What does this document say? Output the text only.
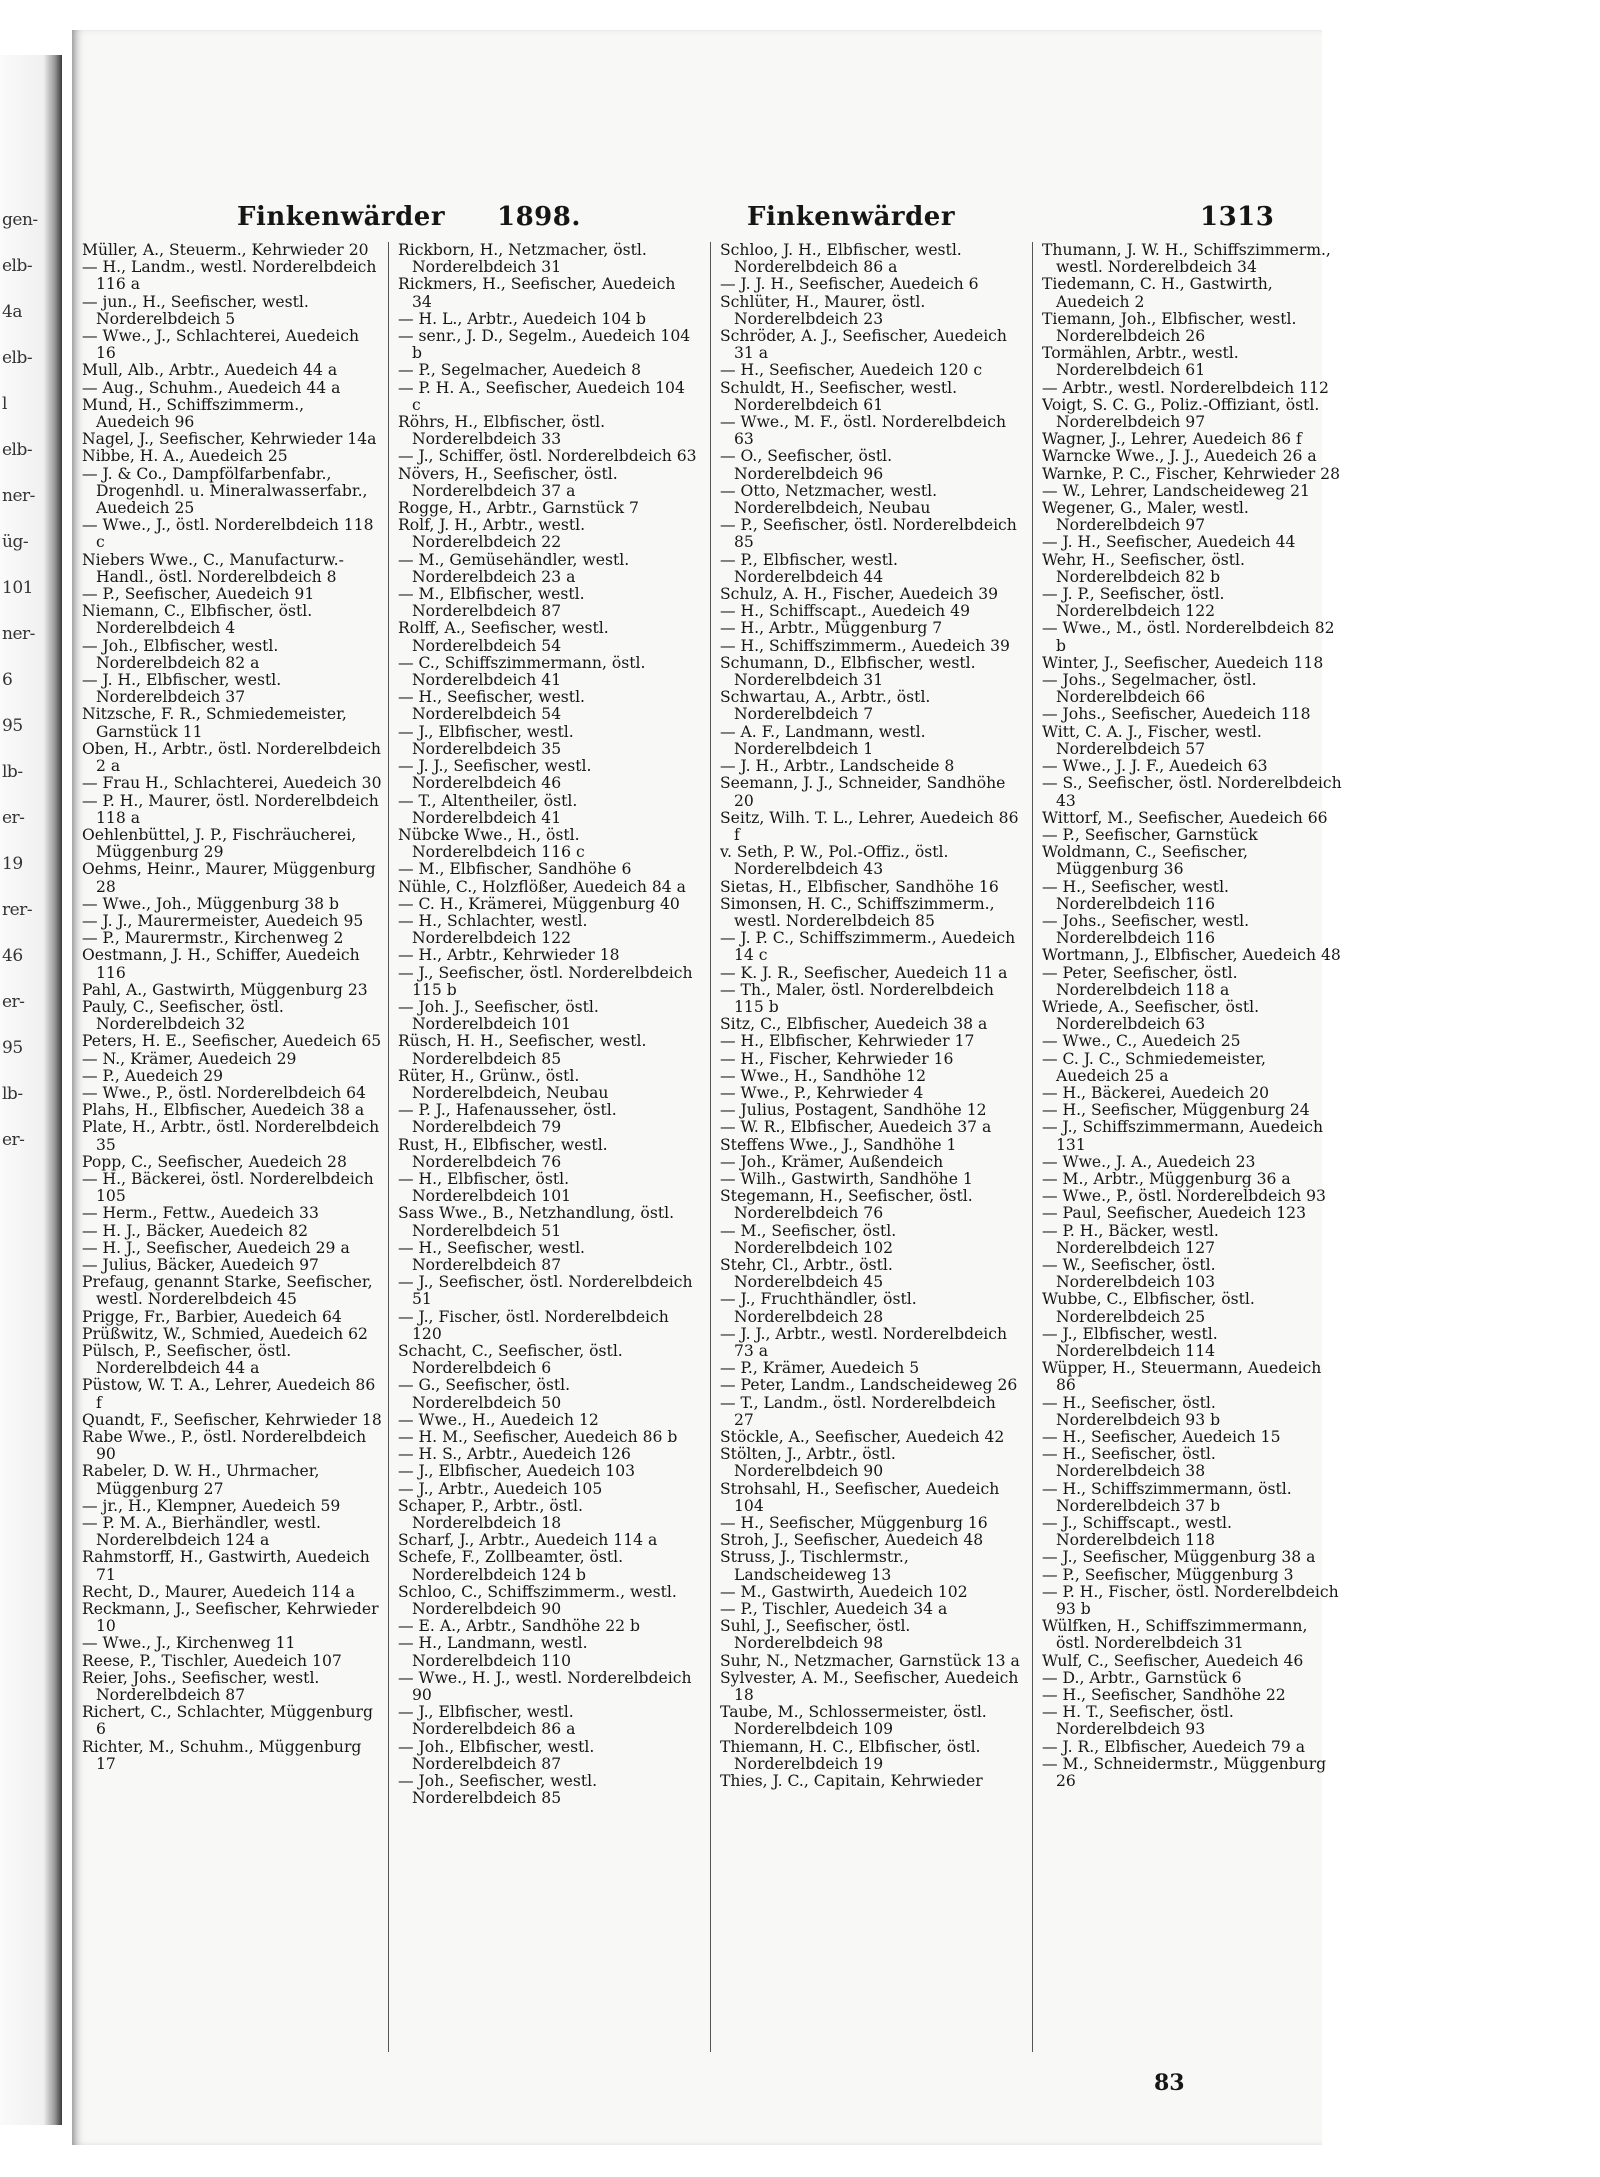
gen-
elb-
4a
elb-
l
elb-
ner-
üg-
101
ner-
6
95
lb-
er-
19
rer-
46
er-
95
lb-
er-
Finkenwärder 1898.	Finkenwärder	1313

Müller, A., Steuerm., Kehrwieder 20

— H., Landm., westl. Norderelbdeich 116 a

— jun., H., Seefischer, westl. Norderelbdeich 5

— Wwe., J., Schlachterei, Auedeich 16

Mull, Alb., Arbtr., Auedeich 44 a

— Aug., Schuhm., Auedeich 44 a

Mund, H., Schiffszimmerm., Auedeich 96

Nagel, J., Seefischer, Kehrwieder 14a

Nibbe, H. A., Auedeich 25

— J. & Co., Dampfölfarbenfabr., Drogenhdl. u. Mineralwasserfabr., Auedeich 25

— Wwe., J., östl. Norderelbdeich 118 c

Niebers Wwe., C., Manufacturw.-Handl., östl. Norderelbdeich 8

— P., Seefischer, Auedeich 91

Niemann, C., Elbfischer, östl. Norderelbdeich 4

— Joh., Elbfischer, westl. Norderelbdeich 82 a

— J. H., Elbfischer, westl. Norderelbdeich 37

Nitzsche, F. R., Schmiedemeister, Garnstück 11

Oben, H., Arbtr., östl. Norderelbdeich 2 a

— Frau H., Schlachterei, Auedeich 30

— P. H., Maurer, östl. Norderelbdeich 118 a

Oehlenbüttel, J. P., Fischräucherei, Müggenburg 29

Oehms, Heinr., Maurer, Müggenburg 28

— Wwe., Joh., Müggenburg 38 b

— J. J., Maurermeister, Auedeich 95

— P., Maurermstr., Kirchenweg 2

Oestmann, J. H., Schiffer, Auedeich 116

Pahl, A., Gastwirth, Müggenburg 23

Pauly, C., Seefischer, östl. Norderelbdeich 32

Peters, H. E., Seefischer, Auedeich 65

— N., Krämer, Auedeich 29

— P., Auedeich 29

— Wwe., P., östl. Norderelbdeich 64

Plahs, H., Elbfischer, Auedeich 38 a

Plate, H., Arbtr., östl. Norderelbdeich 35

Popp, C., Seefischer, Auedeich 28

— H., Bäckerei, östl. Norderelbdeich 105

— Herm., Fettw., Auedeich 33

— H. J., Bäcker, Auedeich 82

— H. J., Seefischer, Auedeich 29 a

— Julius, Bäcker, Auedeich 97

Prefaug, genannt Starke, Seefischer, westl. Norderelbdeich 45

Prigge, Fr., Barbier, Auedeich 64

Prüßwitz, W., Schmied, Auedeich 62

Pülsch, P., Seefischer, östl. Norderelbdeich 44 a

Püstow, W. T. A., Lehrer, Auedeich 86 f

Quandt, F., Seefischer, Kehrwieder 18

Rabe Wwe., P., östl. Norderelbdeich 90

Rabeler, D. W. H., Uhrmacher, Müggenburg 27

— jr., H., Klempner, Auedeich 59

— P. M. A., Bierhändler, westl. Norderelbdeich 124 a

Rahmstorff, H., Gastwirth, Auedeich 71

Recht, D., Maurer, Auedeich 114 a

Reckmann, J., Seefischer, Kehrwieder 10

— Wwe., J., Kirchenweg 11

Reese, P., Tischler, Auedeich 107

Reier, Johs., Seefischer, westl. Norderelbdeich 87

Richert, C., Schlachter, Müggenburg 6

Richter, M., Schuhm., Müggenburg 17

Rickborn, H., Netzmacher, östl. Norderelbdeich 31

Rickmers, H., Seefischer, Auedeich 34

— H. L., Arbtr., Auedeich 104 b

— senr., J. D., Segelm., Auedeich 104 b

— P., Segelmacher, Auedeich 8

— P. H. A., Seefischer, Auedeich 104 c

Röhrs, H., Elbfischer, östl. Norderelbdeich 33

— J., Schiffer, östl. Norderelbdeich 63

Növers, H., Seefischer, östl. Norderelbdeich 37 a

Rogge, H., Arbtr., Garnstück 7

Rolf, J. H., Arbtr., westl. Norderelbdeich 22

— M., Gemüsehändler, westl. Norderelbdeich 23 a

— M., Elbfischer, westl. Norderelbdeich 87

Rolff, A., Seefischer, westl. Norderelbdeich 54

— C., Schiffszimmermann, östl. Norderelbdeich 41

— H., Seefischer, westl. Norderelbdeich 54

— J., Elbfischer, westl. Norderelbdeich 35

— J. J., Seefischer, westl. Norderelbdeich 46

— T., Altentheiler, östl. Norderelbdeich 41

Nübcke Wwe., H., östl. Norderelbdeich 116 c

— M., Elbfischer, Sandhöhe 6

Nühle, C., Holzflößer, Auedeich 84 a

— C. H., Krämerei, Müggenburg 40

— H., Schlachter, westl. Norderelbdeich 122

— H., Arbtr., Kehrwieder 18

— J., Seefischer, östl. Norderelbdeich 115 b

— Joh. J., Seefischer, östl. Norderelbdeich 101

Rüsch, H. H., Seefischer, westl. Norderelbdeich 85

Rüter, H., Grünw., östl. Norderelbdeich, Neubau

— P. J., Hafenausseher, östl. Norderelbdeich 79

Rust, H., Elbfischer, westl. Norderelbdeich 76

— H., Elbfischer, östl. Norderelbdeich 101

Sass Wwe., B., Netzhandlung, östl. Norderelbdeich 51

— H., Seefischer, westl. Norderelbdeich 87

— J., Seefischer, östl. Norderelbdeich 51

— J., Fischer, östl. Norderelbdeich 120

Schacht, C., Seefischer, östl. Norderelbdeich 6

— G., Seefischer, östl. Norderelbdeich 50

— Wwe., H., Auedeich 12

— H. M., Seefischer, Auedeich 86 b

— H. S., Arbtr., Auedeich 126

— J., Elbfischer, Auedeich 103

— J., Arbtr., Auedeich 105

Schaper, P., Arbtr., östl. Norderelbdeich 18

Scharf, J., Arbtr., Auedeich 114 a

Schefe, F., Zollbeamter, östl. Norderelbdeich 124 b

Schloo, C., Schiffszimmerm., westl. Norderelbdeich 90

— E. A., Arbtr., Sandhöhe 22 b

— H., Landmann, westl. Norderelbdeich 110

— Wwe., H. J., westl. Norderelbdeich 90

— J., Elbfischer, westl. Norderelbdeich 86 a

— Joh., Elbfischer, westl. Norderelbdeich 87

— Joh., Seefischer, westl. Norderelbdeich 85

Schloo, J. H., Elbfischer, westl. Norderelbdeich 86 a

— J. J. H., Seefischer, Auedeich 6

Schlüter, H., Maurer, östl. Norderelbdeich 23

Schröder, A. J., Seefischer, Auedeich 31 a

— H., Seefischer, Auedeich 120 c

Schuldt, H., Seefischer, westl. Norderelbdeich 61

— Wwe., M. F., östl. Norderelbdeich 63

— O., Seefischer, östl. Norderelbdeich 96

— Otto, Netzmacher, westl. Norderelbdeich, Neubau

— P., Seefischer, östl. Norderelbdeich 85

— P., Elbfischer, westl. Norderelbdeich 44

Schulz, A. H., Fischer, Auedeich 39

— H., Schiffscapt., Auedeich 49

— H., Arbtr., Müggenburg 7

— H., Schiffszimmerm., Auedeich 39

Schumann, D., Elbfischer, westl. Norderelbdeich 31

Schwartau, A., Arbtr., östl. Norderelbdeich 7

— A. F., Landmann, westl. Norderelbdeich 1

— J. H., Arbtr., Landscheide 8

Seemann, J. J., Schneider, Sandhöhe 20

Seitz, Wilh. T. L., Lehrer, Auedeich 86 f

v. Seth, P. W., Pol.-Offiz., östl. Norderelbdeich 43

Sietas, H., Elbfischer, Sandhöhe 16

Simonsen, H. C., Schiffszimmerm., westl. Norderelbdeich 85

— J. P. C., Schiffszimmerm., Auedeich 14 c

— K. J. R., Seefischer, Auedeich 11 a

— Th., Maler, östl. Norderelbdeich 115 b

Sitz, C., Elbfischer, Auedeich 38 a

— H., Elbfischer, Kehrwieder 17

— H., Fischer, Kehrwieder 16

— Wwe., H., Sandhöhe 12

— Wwe., P., Kehrwieder 4

— Julius, Postagent, Sandhöhe 12

— W. R., Elbfischer, Auedeich 37 a

Steffens Wwe., J., Sandhöhe 1

— Joh., Krämer, Außendeich

— Wilh., Gastwirth, Sandhöhe 1

Stegemann, H., Seefischer, östl. Norderelbdeich 76

— M., Seefischer, östl. Norderelbdeich 102

Stehr, Cl., Arbtr., östl. Norderelbdeich 45

— J., Fruchthändler, östl. Norderelbdeich 28

— J. J., Arbtr., westl. Norderelbdeich 73 a

— P., Krämer, Auedeich 5

— Peter, Landm., Landscheideweg 26

— T., Landm., östl. Norderelbdeich 27

Stöckle, A., Seefischer, Auedeich 42

Stölten, J., Arbtr., östl. Norderelbdeich 90

Strohsahl, H., Seefischer, Auedeich 104

— H., Seefischer, Müggenburg 16

Stroh, J., Seefischer, Auedeich 48

Struss, J., Tischlermstr., Landscheideweg 13

— M., Gastwirth, Auedeich 102

— P., Tischler, Auedeich 34 a

Suhl, J., Seefischer, östl. Norderelbdeich 98

Suhr, N., Netzmacher, Garnstück 13 a

Sylvester, A. M., Seefischer, Auedeich 18

Taube, M., Schlossermeister, östl. Norderelbdeich 109

Thiemann, H. C., Elbfischer, östl. Norderelbdeich 19

Thies, J. C., Capitain, Kehrwieder

Thumann, J. W. H., Schiffszimmerm., westl. Norderelbdeich 34

Tiedemann, C. H., Gastwirth, Auedeich 2

Tiemann, Joh., Elbfischer, westl. Norderelbdeich 26

Tormählen, Arbtr., westl. Norderelbdeich 61

— Arbtr., westl. Norderelbdeich 112

Voigt, S. C. G., Poliz.-Offiziant, östl. Norderelbdeich 97

Wagner, J., Lehrer, Auedeich 86 f

Warncke Wwe., J. J., Auedeich 26 a

Warnke, P. C., Fischer, Kehrwieder 28

— W., Lehrer, Landscheideweg 21

Wegener, G., Maler, westl. Norderelbdeich 97

— J. H., Seefischer, Auedeich 44

Wehr, H., Seefischer, östl. Norderelbdeich 82 b

— J. P., Seefischer, östl. Norderelbdeich 122

— Wwe., M., östl. Norderelbdeich 82 b

Winter, J., Seefischer, Auedeich 118

— Johs., Segelmacher, östl. Norderelbdeich 66

— Johs., Seefischer, Auedeich 118

Witt, C. A. J., Fischer, westl. Norderelbdeich 57

— Wwe., J. J. F., Auedeich 63

— S., Seefischer, östl. Norderelbdeich 43

Wittorf, M., Seefischer, Auedeich 66

— P., Seefischer, Garnstück

Woldmann, C., Seefischer, Müggenburg 36

— H., Seefischer, westl. Norderelbdeich 116

— Johs., Seefischer, westl. Norderelbdeich 116

Wortmann, J., Elbfischer, Auedeich 48

— Peter, Seefischer, östl. Norderelbdeich 118 a

Wriede, A., Seefischer, östl. Norderelbdeich 63

— Wwe., C., Auedeich 25

— C. J. C., Schmiedemeister, Auedeich 25 a

— H., Bäckerei, Auedeich 20

— H., Seefischer, Müggenburg 24

— J., Schiffszimmermann, Auedeich 131

— Wwe., J. A., Auedeich 23

— M., Arbtr., Müggenburg 36 a

— Wwe., P., östl. Norderelbdeich 93

— Paul, Seefischer, Auedeich 123

— P. H., Bäcker, westl. Norderelbdeich 127

— W., Seefischer, östl. Norderelbdeich 103

Wubbe, C., Elbfischer, östl. Norderelbdeich 25

— J., Elbfischer, westl. Norderelbdeich 114

Wüpper, H., Steuermann, Auedeich 86

— H., Seefischer, östl. Norderelbdeich 93 b

— H., Seefischer, Auedeich 15

— H., Seefischer, östl. Norderelbdeich 38

— H., Schiffszimmermann, östl. Norderelbdeich 37 b

— J., Schiffscapt., westl. Norderelbdeich 118

— J., Seefischer, Müggenburg 38 a

— P., Seefischer, Müggenburg 3

— P. H., Fischer, östl. Norderelbdeich 93 b

Wülfken, H., Schiffszimmermann, östl. Norderelbdeich 31

Wulf, C., Seefischer, Auedeich 46

— D., Arbtr., Garnstück 6

— H., Seefischer, Sandhöhe 22

— H. T., Seefischer, östl. Norderelbdeich 93

— J. R., Elbfischer, Auedeich 79 a

— M., Schneidermstr., Müggenburg 26

83
